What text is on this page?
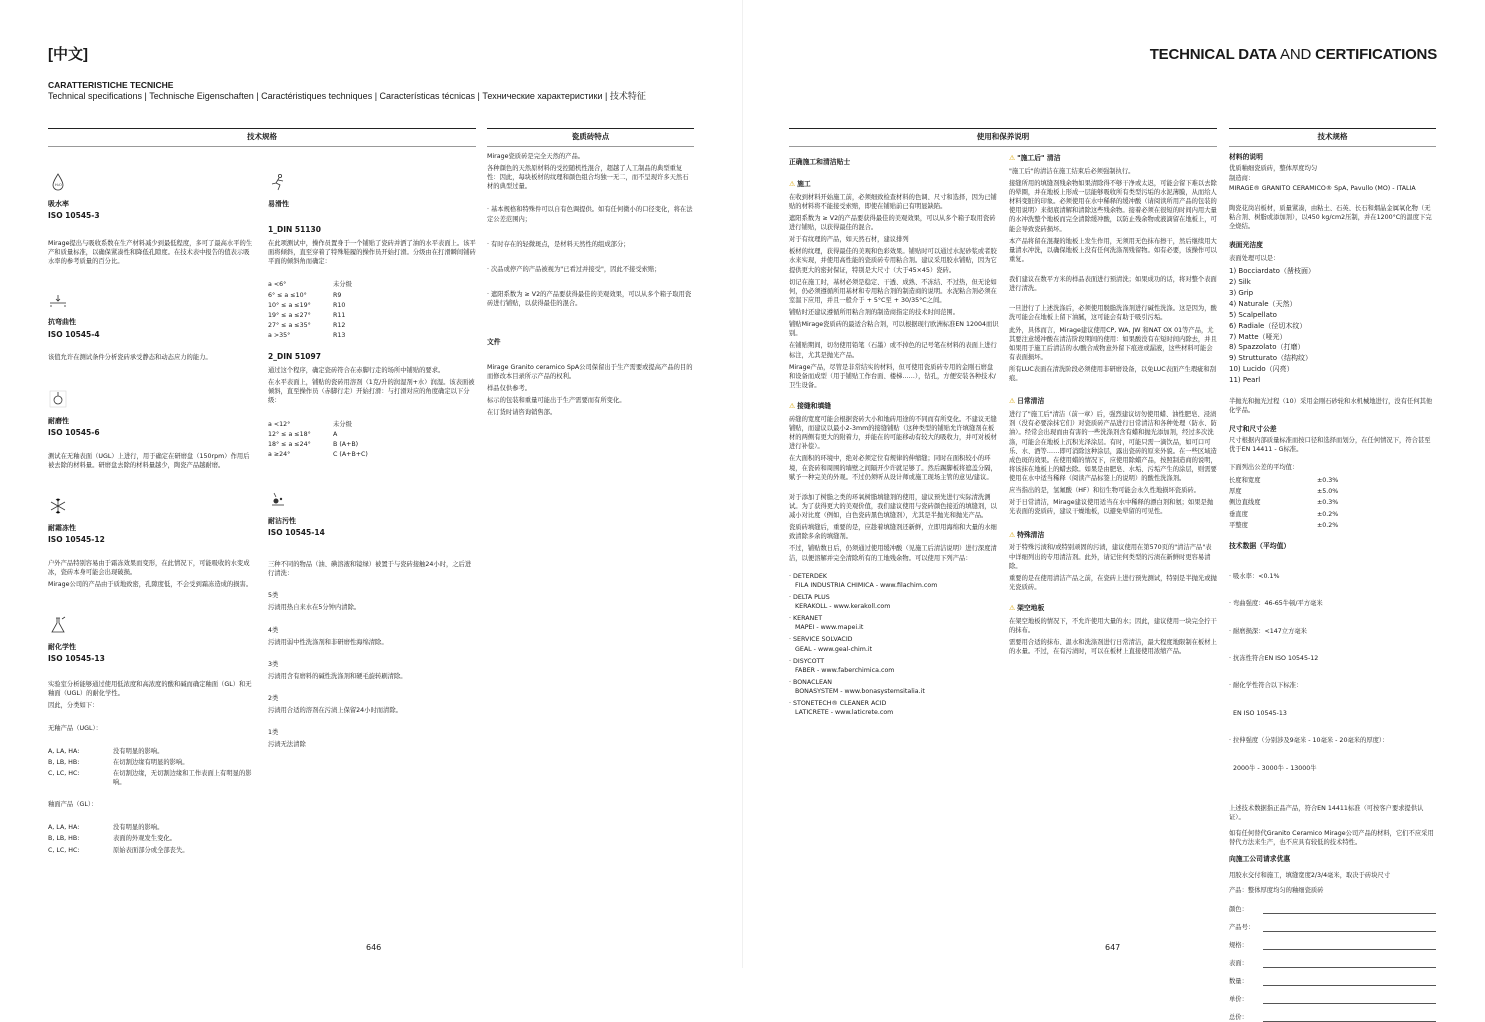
[中文]
CARATTERISTICHE TECNICHE
Technical specifications | Technische Eigenschaften | Caractéristiques techniques | Características técnicas | Технические характеристики | 技术特征
技术规格
H₂O
吸水率
ISO 10545-3

Mirage提出与吸收系数在生产材料减少到最低程度，多可了最高水平的生产和质量标准，以确保紧凑性和降低孔隙度。在技术表中报告的值表示吸水率的参考质量的百分比。

抗弯曲性
ISO 10545-4

该值允许在测试条件分析瓷砖承受静态和动态应力的能力。

耐磨性
ISO 10545-6

测试在无釉表面（UGL）上进行，用于确定在研磨盘（150rpm）作用后被去除的材料量。研磨盘去除的材料量越少，陶瓷产品越耐磨。

耐霜冻性
ISO 10545-12

户外产品特别容易由于霜冻效果而变形，在此情况下，可能吸收的水变成冰，瓷砖本身可能会出现破损。

Mirage公司的产品由于质地致密，孔隙度低，不会受到霜冻造成的损害。

耐化学性
ISO 10545-13

实验室分析能够通过使用低浓度和高浓度的酸和碱而确定釉面（GL）和无釉面（UGL）的耐化学性。

因此，分类如下：

无釉产品（UGL）：

A, LA, HA:	没有明显的影响。
B, LB, HB:	在切割边缘有明显的影响。
C, LC, HC:	在切割边缘，无切割边缘和工作表面上有明显的影响。

釉面产品（GL）：

A, LA, HA:	没有明显的影响。
B, LB, HB:	表面的外观发生变化。
C, LC, HC:	原始表面部分或全部丧失。
易滑性
1_DIN 51130

在此项测试中，操作员置身于一个铺贴了瓷砖并洒了油的水平表面上。该平面将倾斜，直至穿着了特殊鞋履的操作员开始打滑。分级由在打滑瞬间铺砖平面的倾斜角而确定：

a <6°	未分级
6° ≤ a ≤10°	R9
10° ≤ a ≤19°	R10
19° ≤ a ≤27°	R11
27° ≤ a ≤35°	R12
a >35°	R13
2_DIN 51097

通过这个程序，确定瓷砖符合在赤脚行走的场所中铺贴的要求。

在水平表面上，铺贴的瓷砖用溶剂（1克/升的润湿剂+水）润湿。该表面被倾斜，直至操作员（赤脚行走）开始打滑：与打滑对应的角度确定以下分级：

a <12°	未分级
12° ≤ a ≤18°	A
18° ≤ a ≤24°	B (A+B)
a ≥24°	C (A+B+C)
耐沾污性
ISO 10545-14

三种不同的物品（油、碘溶液和镜绿）被置于与瓷砖接触24小时，之后进行清洗：

5类

污渍用热自来水在5分钟内清除。

4类

污渍用弱中性洗涤剂和非研磨性海绵清除。

3类

污渍用含有磨料的碱性洗涤剂和硬毛旋转刷清除。

2类

污渍用合适的溶剂在污渍上保留24小时而清除。

1类

污渍无法清除

瓷质砖特点

Mirage瓷质砖是完全天然的产品。

各种颜色的天然原材料的受控随机性混合，超越了人工制品的典型重复性：因此，每块板材的纹理和颜色组合均独一无二，而不呈现许多天然石材的典型过量。

· 基本规格和特殊件可以自有色调提供。如有任何微小的口径变化，将在法定公差范围内；
· 有时存在的轻微斑点，是材料天然性的组成部分；
· 次品或停产的产品被视为"已看过并接受"，因此不接受索赔；
· 遮阳系数为 ≥ V2的产品要获得最佳的美观效果，可以从多个箱子取用瓷砖进行铺贴，以获得最佳的混合。
文件

Mirage Granito ceramico SpA公司保留出于生产需要或提高产品的目的而修改本目录所示产品的权利。

样品仅供参考。

标示的包装和重量可能出于生产需要而有所变化。

在订货时请咨询销售部。

646
TECHNICAL DATA AND CERTIFICATIONS
使用和保养说明
正确施工和清洁贴士
⚠ 施工

在收到材料开始施工前，必须细致检查材料的色调、尺寸和选择，因为已铺贴的材料将不能接受索赔，即使在铺贴前已有明显缺陷。

遮阳系数为 ≥ V2的产品要获得最佳的美观效果，可以从多个箱子取用瓷砖进行铺贴，以获得最佳的混合。

对于有纹理的产品，如天然石材，建议排列

板材的纹理，获得最佳的美观和色彩效果。铺贴时可以通过水泥砂浆或者胶水来实现，并使用高性能的瓷质砖专用粘合剂。建议采用胶水铺贴，因为它提供更大的密封保证，特别是大尺寸（大于45×45）瓷砖。

切记在施工时，基材必须是稳定、干透、成熟、不冻结、不过热，但无论如何，仍必须遵循所用基材和专用粘合剂的制造商的说明。水泥粘合剂必须在室温下应用，并且一般介于 + 5°C至 + 30/35°C之间。

铺贴时还建议遵循所用粘合剂的制造商指定的技术时间范围。

铺贴Mirage瓷质砖的最适合粘合剂，可以根据现行欧洲标准EN 12004而识别。

在铺贴期间，切勿使用铅笔（石墨）或不掉色的记号笔在材料的表面上进行标注，尤其是抛光产品。

Mirage产品，尽管是非常结实的材料，但可使用瓷质砖专用的金刚石磨盘和设备而成型（用于铺贴工作台面、楼梯……），钻孔，方便安装各种技术/卫生设备。

⚠ 接缝和填缝

砖缝的宽度可能会根据瓷砖大小和地砖用途的不同而有所变化。不建议无缝铺贴，而建议以最小2-3mm的接缝铺贴（这种类型的铺贴允许填缝剂在板材的两侧有更大的附着力，并能在的可能移动有较大的吸收力，并可对板材进行补偿）。

在大面积的环境中，绝对必须定位有规律的伸缩缝；同时在面积较小的环境，在瓷砖和周围的墙壁之间隔开少许就足够了。然后踢脚板将遮盖分隔，赋予一种完美的外观。不过仍须听从设计师或施工现场主管的意见/建议。

对于添加了树脂之类的环氧树脂填缝剂的使用，建议预先进行实际清洗测试。为了获得更大的美观价值，我们建议使用与瓷砖颜色接近的填缝剂，以减小对比度（例如，白色瓷砖黑色填缝剂），尤其是半抛光和抛光产品。

瓷质砖填缝后，重要的是，应趁着填缝剂还新鲜，立即用海绵和大量的水细致清除多余的填缝剂。

不过，铺贴数日后，仍须通过使用缓冲酸（见施工后清洁说明）进行深度清洁，以便溶解并完全清除所有的工地残余物。可以使用下列产品：

· DETERDEK

FILA INDUSTRIA CHIMICA - www.filachim.com

· DELTA PLUS

KERAKOLL - www.kerakoll.com

· KERANET

MAPEI - www.mapei.it

· SERVICE SOLVACID

GEAL - www.geal-chim.it

· DISYCOTT

FABER - www.faberchimica.com

· BONACLEAN

BONASYSTEM - www.bonasystemsitalia.it

· STONETECH® CLEANER ACID

LATICRETE - www.laticrete.com

⚠ "施工后" 清洁

"施工后"的清洁在施工结束后必须强制执行。

接缝所用的填缝剂残余物如果清除得不够干净或太迟，可能会留下难以去除的晕圈，并在地板上形成一层能够吸收所有类型污垢的水泥薄膜，从而给人材料变脏的印象。必须使用在水中稀释的缓冲酸（请阅读所用产品的包装的使用说明）来彻底清解和清除这些残余物。接着必须在很短的时间内用大量的水冲洗整个地板而完全清除缓冲酸，以防止残余物或液滴留在地板上，可能会导致瓷砖损坏。

本产品将留在混凝的地板上发生作用，无须用无色抹布擦干，然后继续用大量清水冲洗，以确保地板上没有任何洗涤剂残留物。如有必要，该操作可以重复。

我们建议在数平方米的样品表面进行预清洗；如果成功的话，将对整个表面进行清洗。

一旦进行了上述洗涤后，必须使用脱脂洗涤剂进行碱性洗涤。这是因为，酸洗可能会在地板上留下油腻，这可能会有助于吸引污垢。

此外，具体而言，Mirage建议使用CP, WA, JW 和NAT OX 01等产品，尤其要注意缓冲酸在清洁阶段期间的使用：如果酸没有在短时间内除去，并且如果用于施工后清洁的水/酸合成物意外留下痕迹或漏液，这些材料可能会有表面损坏。

所有LUC表面在清洗阶段必须使用非研磨设备，以免LUC表面产生瑕疵和刮痕。

⚠ 日常清洁

进行了"施工后"清洁（前一章）后，强烈建议切勿使用蜡、油性肥皂、浸渍剂（没有必要涂抹它们）对瓷质砖产品进行日常清洁和各种处理（防水、防油）。经常会出现而由有害的一些洗涤剂含有蜡和抛光添加剂，经过多次洗涤，可能会在地板上沉积光泽涂层。有时，可能只需一滴饮品，如可口可乐、水、酒等……即可消除这种涂层，露出瓷砖的原来外貌。在一些区域造成色斑的效果。在使用蜡的情况下，应使用除蜡产品，按照制造商的说明，将该抹在地板上的蜡去除。如果是由肥皂、水垢、污垢产生的涂层，则需要使用在水中适当稀释（阅读产品标签上的说明）的酸性洗涤剂。

应当指出的是，氢氟酸（HF）和衍生物可能会永久性地损坏瓷质砖。

对于日常清洁，Mirage建议使用适当在水中稀释的漂白剂和氨；如果是抛光表面的瓷质砖，建议干燥地板，以避免晕留的可见性。

⚠ 特殊清洁

对于特殊污渍和/或特别顽固的污渍，建议使用在第570页的"清洁产品"表中详细列出的专用清洁剂。此外，请记住何类型的污渍在新鲜时更容易清除。

重要的是在使用清洁产品之前，在瓷砖上进行预先测试，特别是半抛光或抛光瓷质砖。

⚠ 架空地板

在架空地板的情况下，不允许使用大量的水；因此，建议使用一块完全拧干的抹布。

需要用合适的抹布、温水和洗涤剂进行日常清洁，最大程度地限制在板材上的水量。不过，在有污渍时，可以在板材上直接使用浓缩产品。

技术规格
材料的说明

优质釉细瓷质砖，整体厚度均匀

制造商：

MIRAGE® GRANITO CERAMICO® SpA, Pavullo (MO) - ITALIA

陶瓷花岗岩板材，质量紧凑，由粘土、石英、长石和烟晶金属氧化物（无粘合剂、树脂或添加剂），以450 kg/cm2压制，并在1200°C的温度下完全烧结。

表面光洁度

表面处理可以是：

1) Bocciardato（凿枝面）
2) Silk
3) Grip
4) Naturale（天然）
5) Scalpellato
6) Radiale（径切木纹）
7) Matte（哑光）
8) Spazzolato（打磨）
9) Strutturato（结构纹）
10) Lucido（闪亮）
11) Pearl

半抛光和抛光过程（10）采用金刚石砂轮和水机械地进行，没有任何其他化学品。

尺寸和尺寸公差

尺寸根据内部质量标准而按口径和选择而划分，在任何情况下，符合甚至优于EN 14411 - G标准。

下面列出公差的平均值：

长度和宽度	±0.3%
厚度	±5.0%
侧边直线度	±0.3%
垂直度	±0.2%
平整度	±0.2%
技术数据（平均值）

· 吸水率：<0.1%

· 弯曲强度：46-65牛顿/平方毫米

· 耐磨损深：<147立方毫米

· 抗冻性符合EN ISO 10545-12

· 耐化学性符合以下标准：

EN ISO 10545-13

· 拉伸强度（分别涉及9毫米 - 10毫米 - 20毫米的厚度）：

2000牛 - 3000牛 - 13000牛

上述技术数据指正品产品，符合EN 14411标准（可按客户要求提供认证）。

如有任何替代Granito Ceramico Mirage公司产品的材料，它们不应采用替代方法来生产，也不应具有较低的技术特性。

向施工公司请求优惠

用胶水交付和施工，填缝宽度2/3/4毫米，取决于砖块尺寸

产品：整体厚度均匀的釉细瓷质砖

颜色：
产品号：
规格：
表面：
数量：
单价：
总价：
647
